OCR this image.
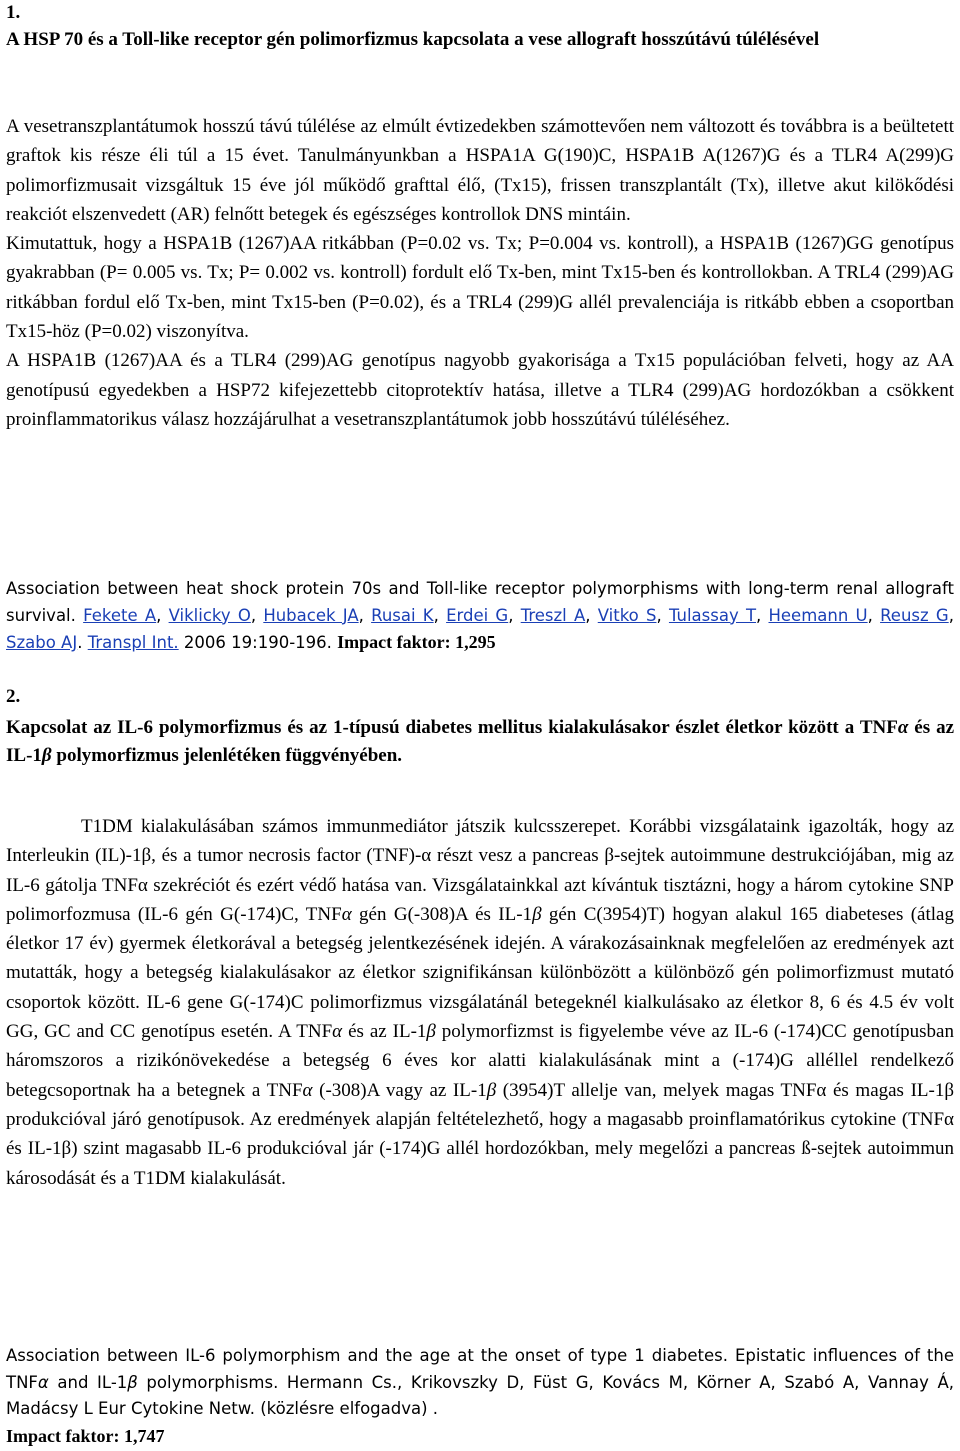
1.

A HSP 70 és a Toll-like receptor gén polimorfizmus kapcsolata a vese allograft hosszútávú túlélésével

A vesetranszplantátumok hosszú távú túlélése az elmúlt évtizedekben számottevően nem változott és továbbra is a beültetett graftok kis része éli túl a 15 évet. Tanulmányunkban a HSPA1A G(190)C, HSPA1B A(1267)G és a TLR4 A(299)G polimorfizmusait vizsgáltuk 15 éve jól működő grafttal élő, (Tx15), frissen transzplantált (Tx), illetve akut kilökődési reakciót elszenvedett (AR) felnőtt betegek és egészséges kontrollok DNS mintáin.

Kimutattuk, hogy a HSPA1B (1267)AA ritkábban (P=0.02 vs. Tx; P=0.004 vs. kontroll), a HSPA1B (1267)GG genotípus gyakrabban (P= 0.005 vs. Tx; P= 0.002 vs. kontroll) fordult elő Tx-ben, mint Tx15-ben és kontrollokban. A TRL4 (299)AG ritkábban fordul elő Tx-ben, mint Tx15-ben (P=0.02), és a TRL4 (299)G allél prevalenciája is ritkább ebben a csoportban Tx15-höz (P=0.02) viszonyítva.

A HSPA1B (1267)AA és a TLR4 (299)AG genotípus nagyobb gyakorisága a Tx15 populációban felveti, hogy az AA genotípusú egyedekben a HSP72 kifejezettebb citoprotektív hatása, illetve a TLR4 (299)AG hordozókban a csökkent proinflammatorikus válasz hozzájárulhat a vesetranszplantátumok jobb hosszútávú túléléséhez.

Association between heat shock protein 70s and Toll-like receptor polymorphisms with long-term renal allograft survival. Fekete A, Viklicky O, Hubacek JA, Rusai K, Erdei G, Treszl A, Vitko S, Tulassay T, Heemann U, Reusz G, Szabo AJ. Transpl Int. 2006 19:190-196. Impact faktor: 1,295

2.

Kapcsolat az IL-6 polymorfizmus és az 1-típusú diabetes mellitus kialakulásakor észlet életkor között a TNFα és az IL-1β polymorfizmus jelenlétéken függvényében.

T1DM kialakulásában számos immunmediátor játszik kulcsszerepet. Korábbi vizsgálataink igazolták, hogy az Interleukin (IL)-1β, és a tumor necrosis factor (TNF)-α részt vesz a pancreas β-sejtek autoimmune destrukciójában, mig az IL-6 gátolja TNFα szekréciót és ezért védő hatása van. Vizsgálatainkkal azt kívántuk tisztázni, hogy a három cytokine SNP polimorfozmusa (IL-6 gén G(-174)C, TNFα gén G(-308)A és IL-1β gén C(3954)T) hogyan alakul 165 diabeteses (átlag életkor 17 év) gyermek életkorával a betegség jelentkezésének idején. A várakozásainknak megfelelően az eredmények azt mutatták, hogy a betegség kialakulásakor az életkor szignifikánsan különbözött a különböző gén polimorfizmust mutató csoportok között. IL-6 gene G(-174)C polimorfizmus vizsgálatánál betegeknél kialkulásako az életkor 8, 6 és 4.5 év volt GG, GC and CC genotípus esetén. A TNFα és az IL-1β polymorfizmst is figyelembe véve az IL-6 (-174)CC genotípusban háromszoros a rizikónövekedése a betegség 6 éves kor alatti kialakulásának mint a (-174)G alléllel rendelkező betegcsoportnak ha a betegnek a TNFα (-308)A vagy az IL-1β (3954)T allelje van, melyek magas TNFα és magas IL-1β produkcióval járó genotípusok. Az eredmények alapján feltételezhető, hogy a magasabb proinflamatórikus cytokine (TNFα és IL-1β) szint magasabb IL-6 produkcióval jár (-174)G allél hordozókban, mely megelőzi a pancreas ß-sejtek autoimmun károsodását és a T1DM kialakulását.
Association between IL-6 polymorphism and the age at the onset of type 1 diabetes. Epistatic influences of the TNFα and IL-1β polymorphisms. Hermann Cs., Krikovszky D, Füst G, Kovács M, Körner A, Szabó A, Vannay Á, Madácsy L Eur Cytokine Netw. (közlésre elfogadva) .
Impact faktor: 1,747
